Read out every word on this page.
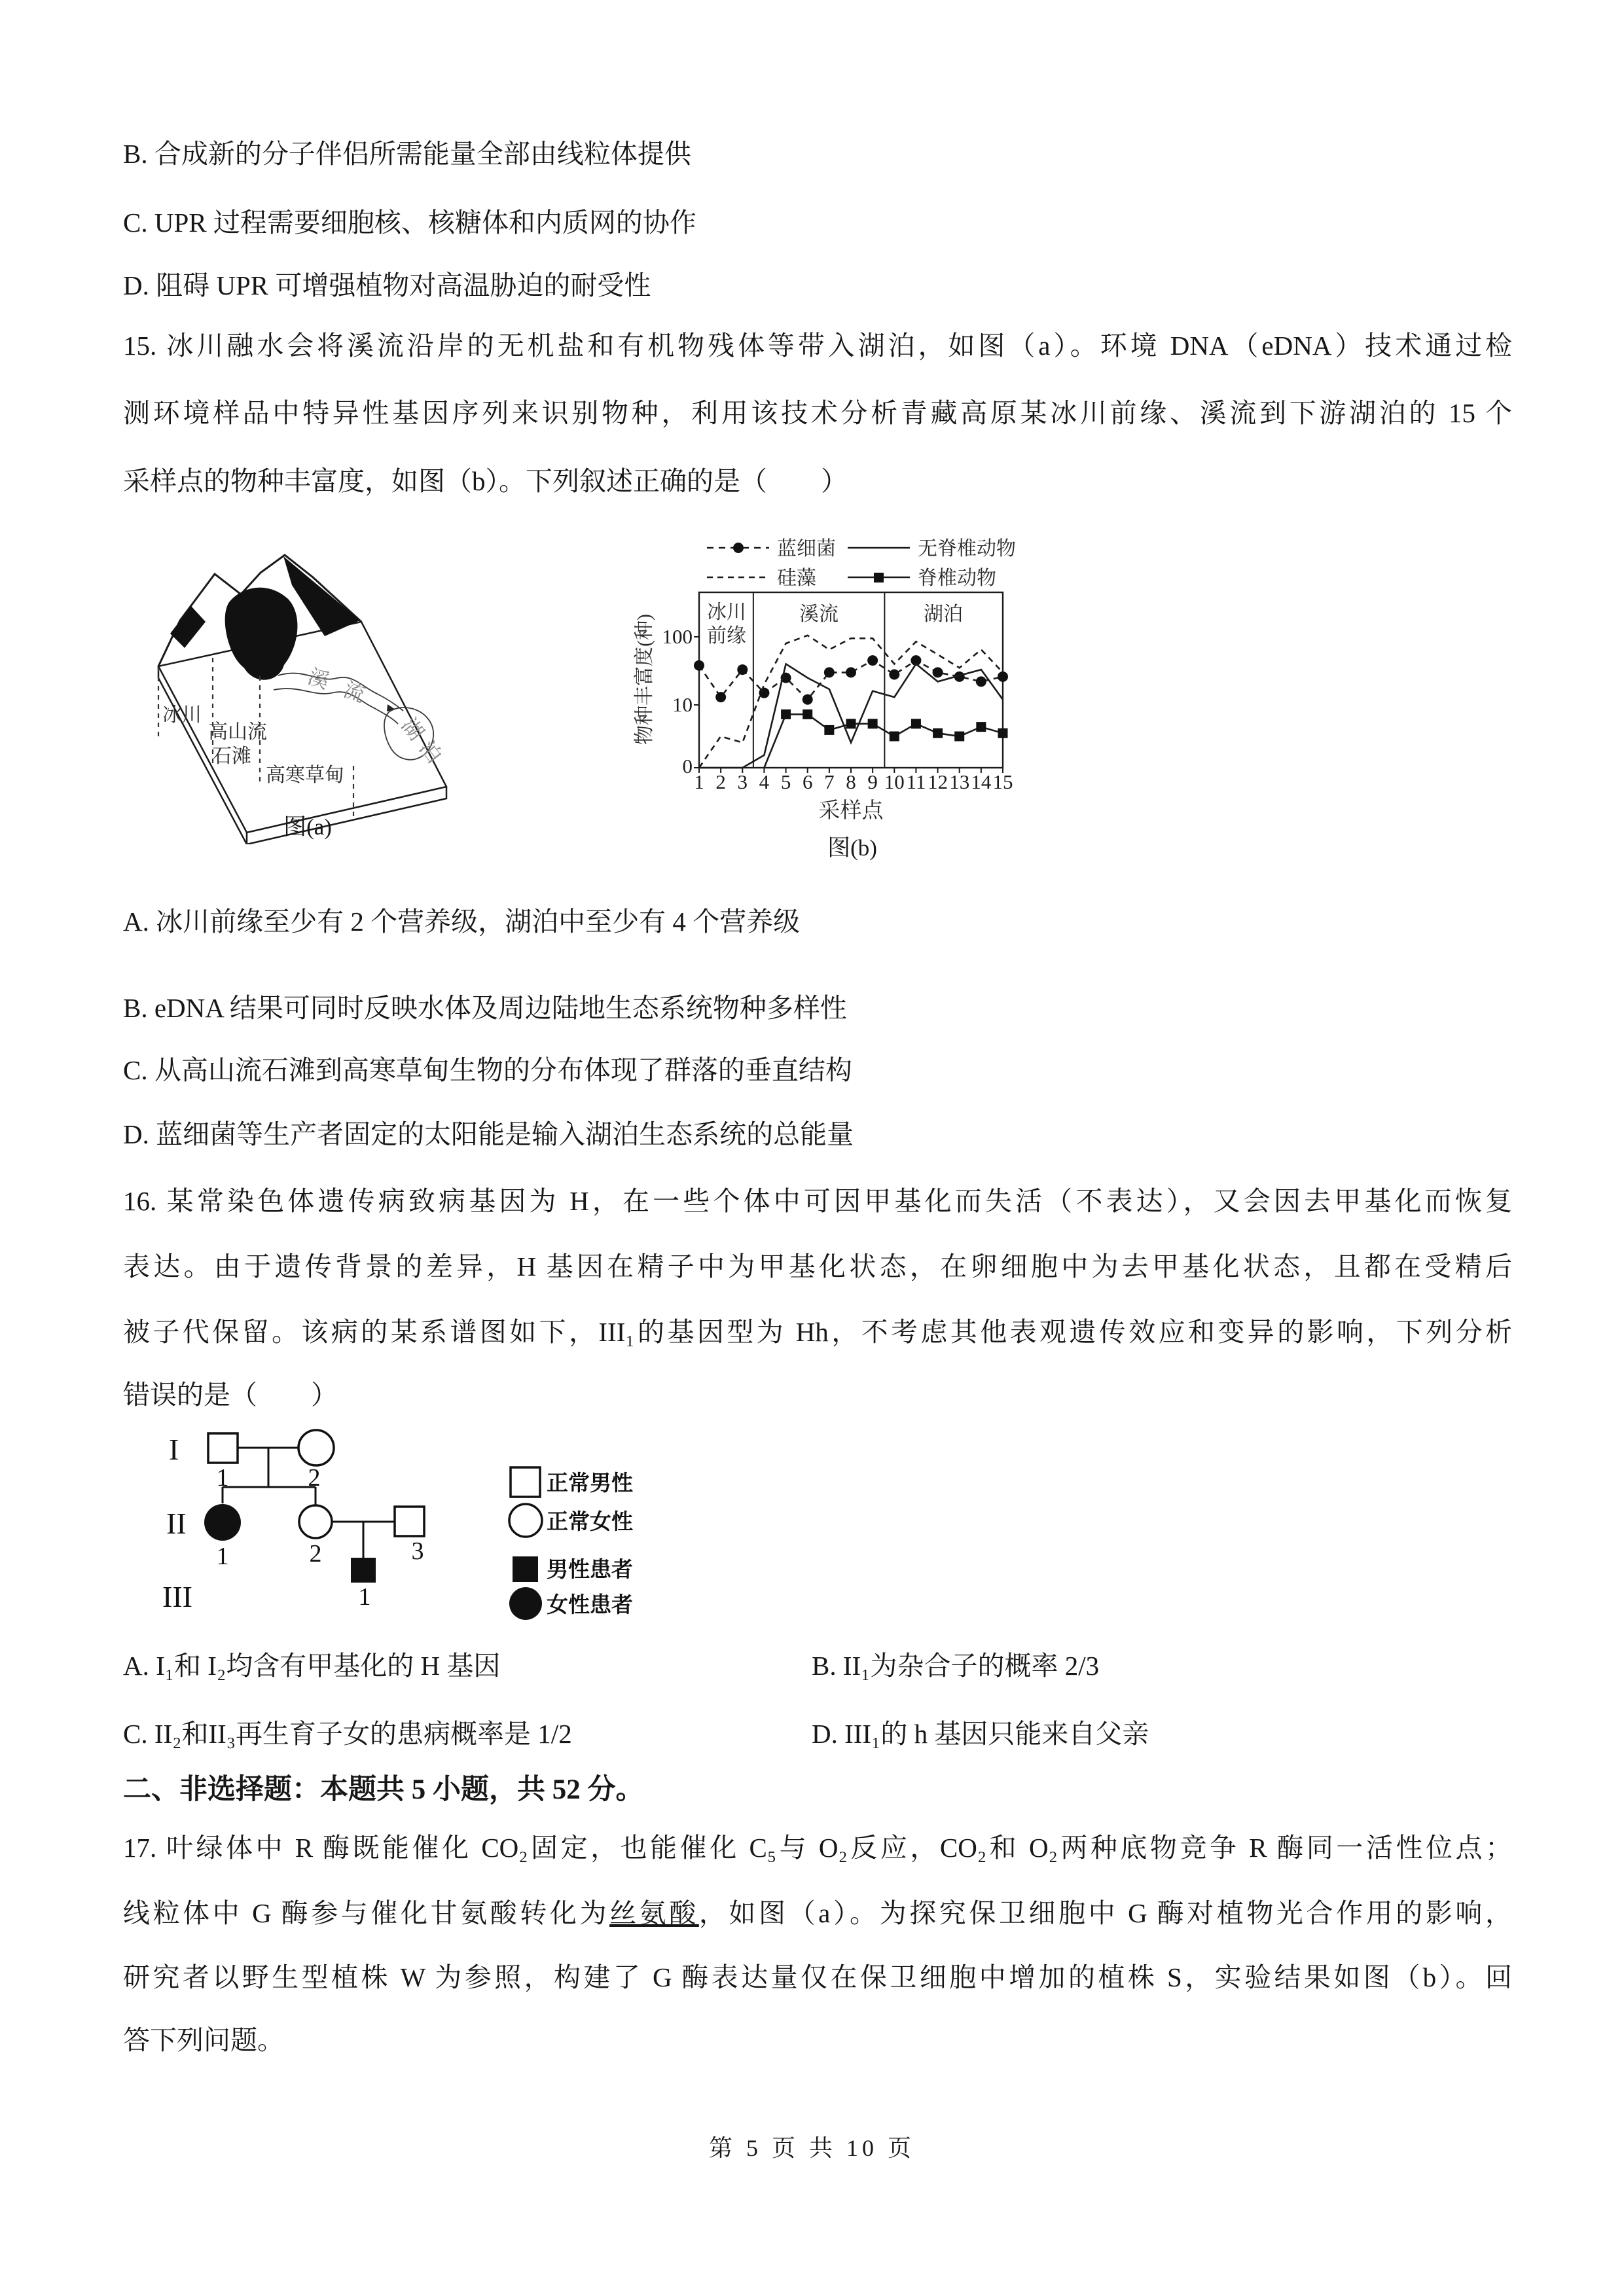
B. 合成新的分子伴侣所需能量全部由线粒体提供
C. UPR 过程需要细胞核、核糖体和内质网的协作
D. 阻碍 UPR 可增强植物对高温胁迫的耐受性
15. 冰川融水会将溪流沿岸的无机盐和有机物残体等带入湖泊，如图（a）。环境 DNA（eDNA）技术通过检
测环境样品中特异性基因序列来识别物种，利用该技术分析青藏高原某冰川前缘、溪流到下游湖泊的 15 个
采样点的物种丰富度，如图（b）。下列叙述正确的是（　　）
冰川
高山流
石滩
高寒草甸
溪流
湖泊
图(a)
蓝细菌
硅藻
无脊椎动物
脊椎动物
冰川
前缘
溪流	湖泊
100
10
0
物种丰富度(种)
1 2 3 4 5 6 7 8 9 10 11 12 13 14 15
采样点
图(b)
A. 冰川前缘至少有 2 个营养级，湖泊中至少有 4 个营养级
B. eDNA 结果可同时反映水体及周边陆地生态系统物种多样性
C. 从高山流石滩到高寒草甸生物的分布体现了群落的垂直结构
D. 蓝细菌等生产者固定的太阳能是输入湖泊生态系统的总能量
16. 某常染色体遗传病致病基因为 H，在一些个体中可因甲基化而失活（不表达），又会因去甲基化而恢复
表达。由于遗传背景的差异，H 基因在精子中为甲基化状态，在卵细胞中为去甲基化状态，且都在受精后
被子代保留。该病的某系谱图如下，III₁的基因型为 Hh，不考虑其他表观遗传效应和变异的影响，下列分析
错误的是（　　）
I
II
III
1	2
1	2	3
1
正常男性
正常女性
男性患者
女性患者
A. I₁和 I₂均含有甲基化的 H 基因	B. II₁为杂合子的概率 2/3
C. II₂和II₃再生育子女的患病概率是 1/2	D. III₁的 h 基因只能来自父亲
二、非选择题：本题共 5 小题，共 52 分。
17. 叶绿体中 R 酶既能催化 CO₂固定，也能催化 C₅与 O₂反应，CO₂和 O₂两种底物竞争 R 酶同一活性位点；
线粒体中 G 酶参与催化甘氨酸转化为丝氨酸，如图（a）。为探究保卫细胞中 G 酶对植物光合作用的影响，
研究者以野生型植株 W 为参照，构建了 G 酶表达量仅在保卫细胞中增加的植株 S，实验结果如图（b）。回
答下列问题。
第 5 页 共 10 页
